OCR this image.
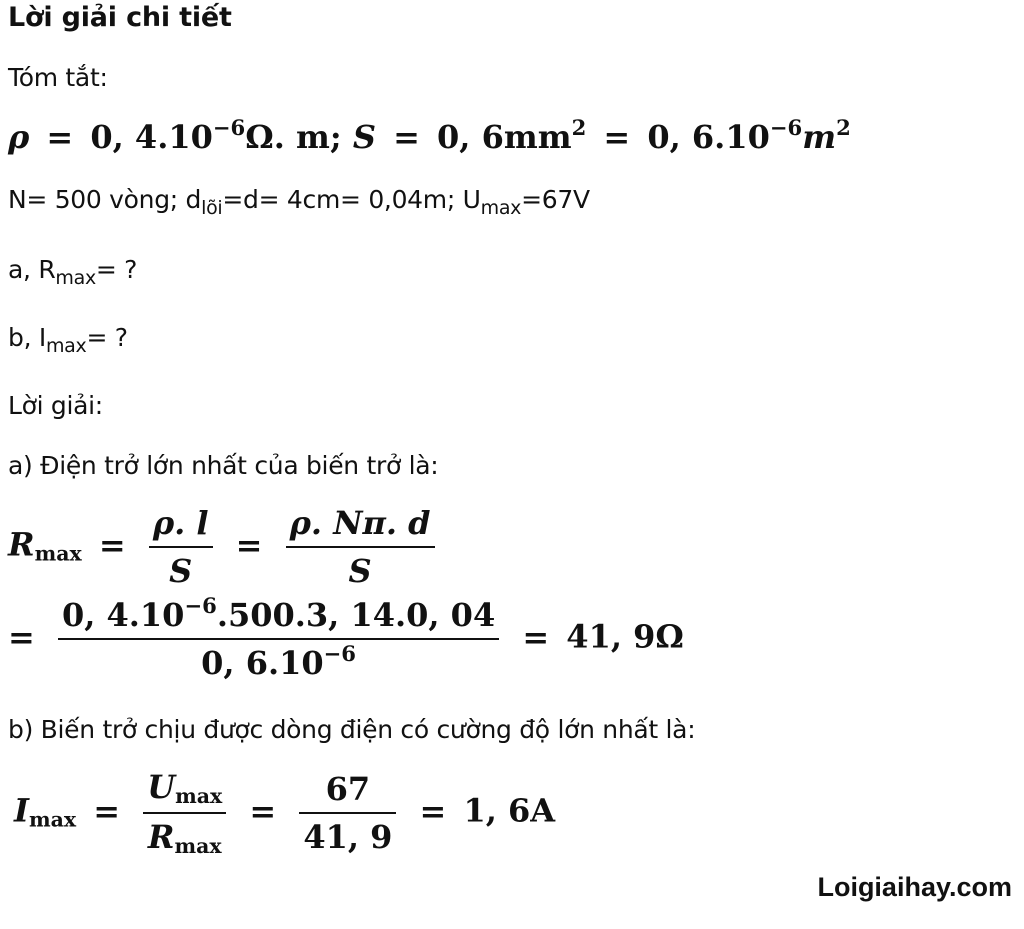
Lời giải chi tiết
Tóm tắt:
ρ = 0, $4.10^{-6}\Omega$. m; S = 0, $6mm^2 = 0$, $6.10^{-6}m^2$
N= 500 vòng; $d_{lõi}=d= 4cm= 0,04m$; $U_{max}=67V$
a, $R_{max}=$ ?
b, $I_{max}=$ ?
Lời giải:
a) Điện trở lớn nhất của biến trở là:
$R_{max} = \frac{\rho. l}{S} = \frac{\rho. N\pi. d}{S}$
= $\frac{0, 4.10^{-6}.500.3, 14.0, 04}{0, 6.10^{-6}} = 41$, 9Ω
b) Biến trở chịu được dòng điện có cường độ lớn nhất là:
$I_{max} = \frac{U_{max}}{R_{max}} = \frac{67}{41, 9} = 1$, 6A
Loigiaihay.com
